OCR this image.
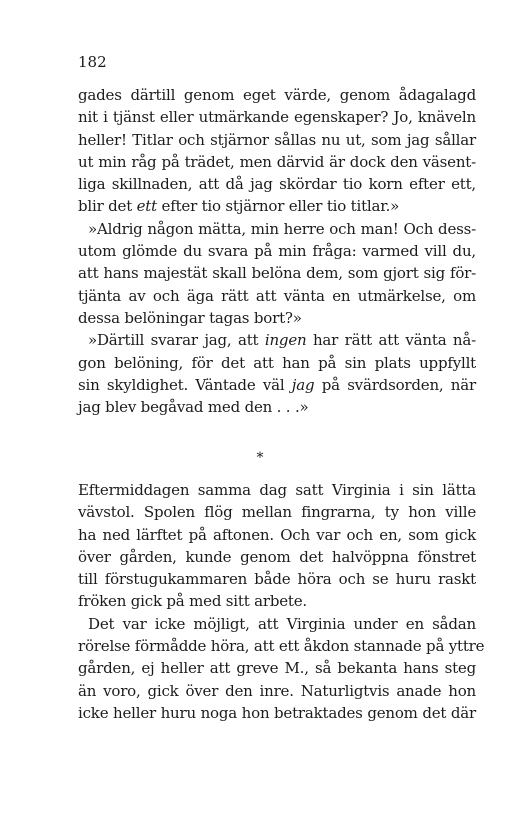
182
gades därtill genom eget värde, genom ådagalagd
nit i tjänst eller utmärkande egenskaper? Jo, knäveln
heller! Titlar och stjärnor sållas nu ut, som jag sållar
ut min råg på trädet, men därvid är dock den väsent-
liga skillnaden, att då jag skördar tio korn efter ett,
blir det ett efter tio stjärnor eller tio titlar.»
»Aldrig någon mätta, min herre och man! Och dess-
utom glömde du svara på min fråga: varmed vill du,
att hans majestät skall belöna dem, som gjort sig för-
tjänta av och äga rätt att vänta en utmärkelse, om
dessa belöningar tagas bort?»
»Därtill svarar jag, att ingen har rätt att vänta nå-
gon belöning, för det att han på sin plats uppfyllt
sin skyldighet. Väntade väl jag på svärdsorden, när
jag blev begåvad med den . . .»
*
Eftermiddagen samma dag satt Virginia i sin lätta
vävstol. Spolen flög mellan fingrarna, ty hon ville
ha ned lärftet på aftonen. Och var och en, som gick
över gården, kunde genom det halvöppna fönstret
till förstugukammaren både höra och se huru raskt
fröken gick på med sitt arbete.
Det var icke möjligt, att Virginia under en sådan
rörelse förmådde höra, att ett åkdon stannade på yttre
gården, ej heller att greve M., så bekanta hans steg
än voro, gick över den inre. Naturligtvis anade hon
icke heller huru noga hon betraktades genom det där
